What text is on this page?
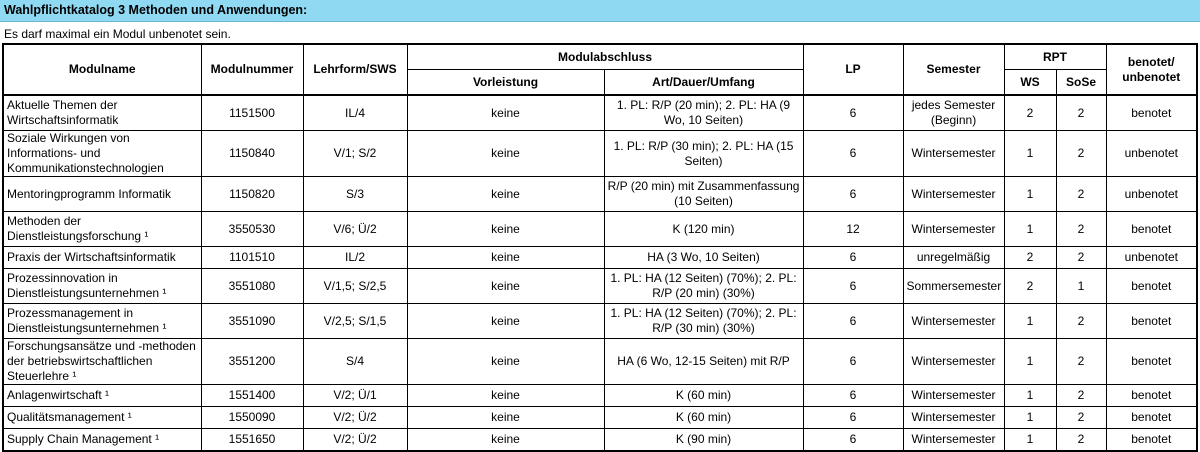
Wahlpflichtkatalog 3 Methoden und Anwendungen:
Es darf maximal ein Modul unbenotet sein.
Modulname	Modulnummer	Lehrform/SWS	Modulabschluss		LP	Semester	RPT		benotet/ unbenotet
			Vorleistung	Art/Dauer/Umfang			WS	SoSe	
Aktuelle Themen der Wirtschaftsinformatik	1151500	IL/4	keine	1. PL: R/P (20 min); 2. PL: HA (9 Wo, 10 Seiten)	6	jedes Semester (Beginn)	2	2	benotet
Soziale Wirkungen von Informations- und Kommunikationstechnologien	1150840	V/1; S/2	keine	1. PL: R/P (30 min); 2. PL: HA (15 Seiten)	6	Wintersemester	1	2	unbenotet
Mentoringprogramm Informatik	1150820	S/3	keine	R/P (20 min) mit Zusammenfassung (10 Seiten)	6	Wintersemester	1	2	unbenotet
Methoden der Dienstleistungsforschung ¹	3550530	V/6; Ü/2	keine	K (120 min)	12	Wintersemester	1	2	benotet
Praxis der Wirtschaftsinformatik	1101510	IL/2	keine	HA (3 Wo, 10 Seiten)	6	unregelmäßig	2	2	unbenotet
Prozessinnovation in Dienstleistungsunternehmen ¹	3551080	V/1,5; S/2,5	keine	1. PL: HA (12 Seiten) (70%); 2. PL: R/P (20 min) (30%)	6	Sommersemester	2	1	benotet
Prozessmanagement in Dienstleistungsunternehmen ¹	3551090	V/2,5; S/1,5	keine	1. PL: HA (12 Seiten) (70%); 2. PL: R/P (30 min) (30%)	6	Wintersemester	1	2	benotet
Forschungsansätze und -methoden der betriebswirtschaftlichen Steuerlehre ¹	3551200	S/4	keine	HA (6 Wo, 12-15 Seiten) mit R/P	6	Wintersemester	1	2	benotet
Anlagenwirtschaft ¹	1551400	V/2; Ü/1	keine	K (60 min)	6	Wintersemester	1	2	benotet
Qualitätsmanagement ¹	1550090	V/2; Ü/2	keine	K (60 min)	6	Wintersemester	1	2	benotet
Supply Chain Management ¹	1551650	V/2; Ü/2	keine	K (90 min)	6	Wintersemester	1	2	benotet
